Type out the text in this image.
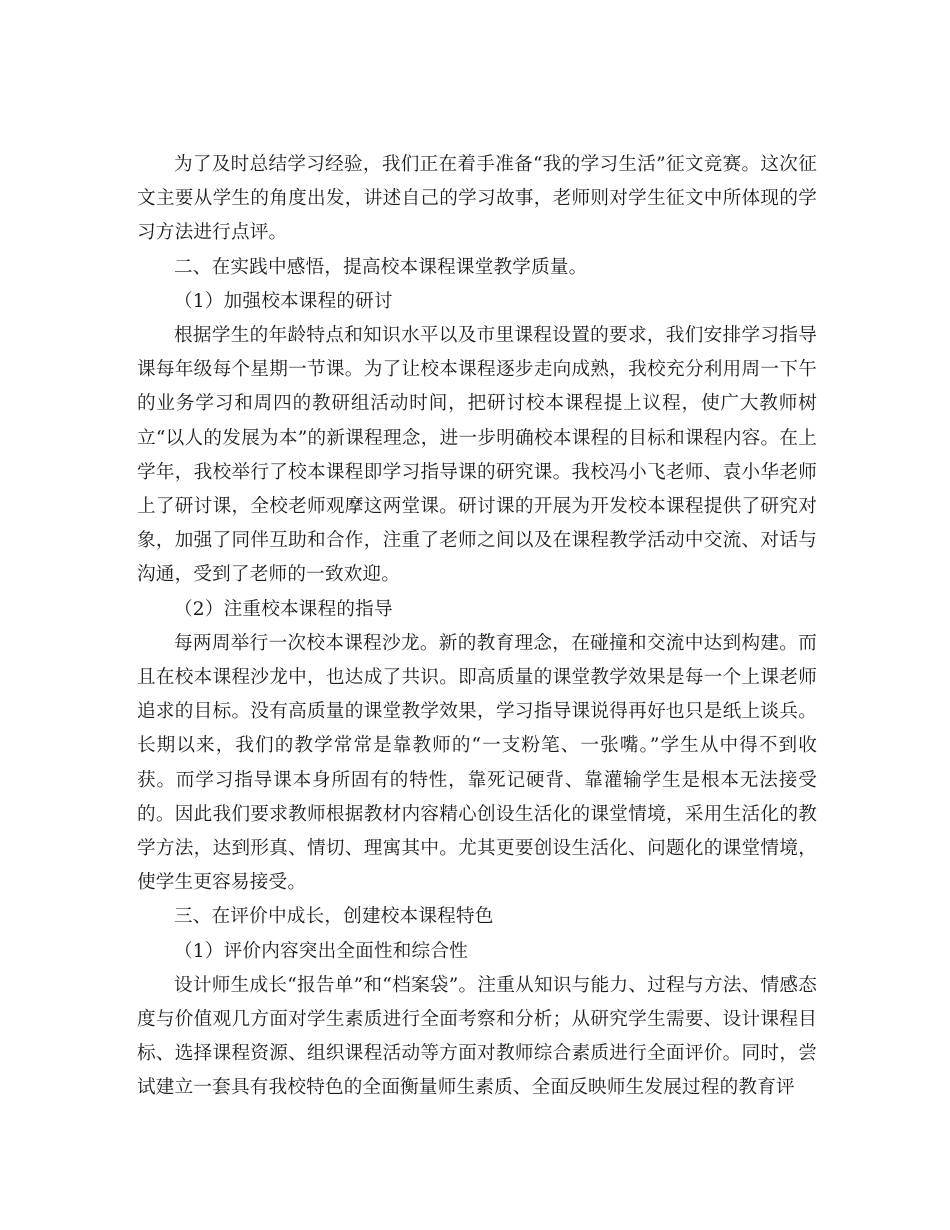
为了及时总结学习经验，我们正在着手准备“我的学习生活”征文竞赛。这次征文主要从学生的角度出发，讲述自己的学习故事，老师则对学生征文中所体现的学习方法进行点评。

二、在实践中感悟，提高校本课程课堂教学质量。

（1）加强校本课程的研讨

根据学生的年龄特点和知识水平以及市里课程设置的要求，我们安排学习指导课每年级每个星期一节课。为了让校本课程逐步走向成熟，我校充分利用周一下午的业务学习和周四的教研组活动时间，把研讨校本课程提上议程，使广大教师树立“以人的发展为本”的新课程理念，进一步明确校本课程的目标和课程内容。在上学年，我校举行了校本课程即学习指导课的研究课。我校冯小飞老师、袁小华老师上了研讨课，全校老师观摩这两堂课。研讨课的开展为开发校本课程提供了研究对象，加强了同伴互助和合作，注重了老师之间以及在课程教学活动中交流、对话与沟通，受到了老师的一致欢迎。

（2）注重校本课程的指导

每两周举行一次校本课程沙龙。新的教育理念，在碰撞和交流中达到构建。而且在校本课程沙龙中，也达成了共识。即高质量的课堂教学效果是每一个上课老师追求的目标。没有高质量的课堂教学效果，学习指导课说得再好也只是纸上谈兵。长期以来，我们的教学常常是靠教师的“一支粉笔、一张嘴。”学生从中得不到收获。而学习指导课本身所固有的特性，靠死记硬背、靠灌输学生是根本无法接受的。因此我们要求教师根据教材内容精心创设生活化的课堂情境，采用生活化的教学方法，达到形真、情切、理寓其中。尤其更要创设生活化、问题化的课堂情境，使学生更容易接受。

三、在评价中成长，创建校本课程特色

（1）评价内容突出全面性和综合性

设计师生成长“报告单”和“档案袋”。注重从知识与能力、过程与方法、情感态度与价值观几方面对学生素质进行全面考察和分析；从研究学生需要、设计课程目标、选择课程资源、组织课程活动等方面对教师综合素质进行全面评价。同时，尝试建立一套具有我校特色的全面衡量师生素质、全面反映师生发展过程的教育评
